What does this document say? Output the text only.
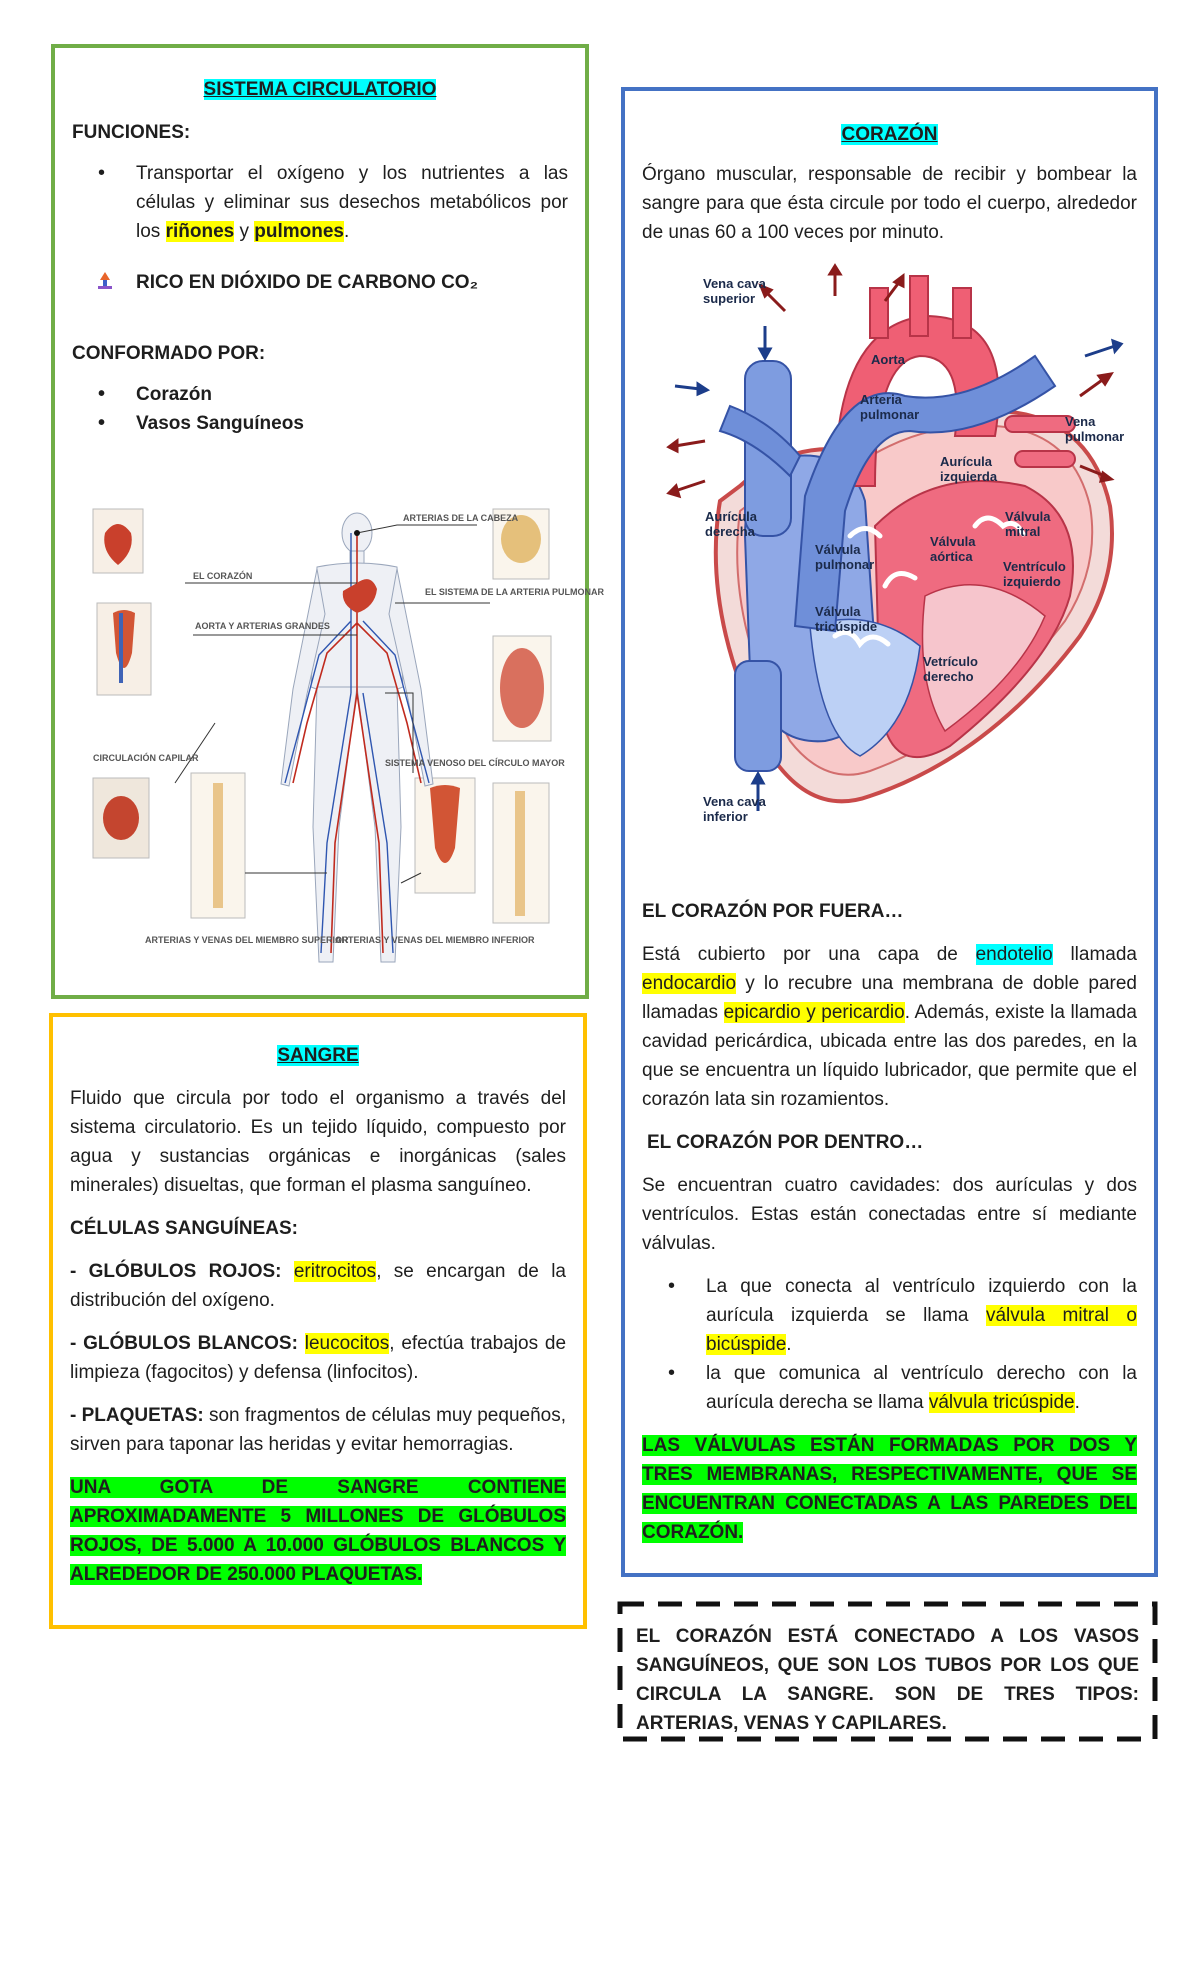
SISTEMA CIRCULATORIO

FUNCIONES:

• Transportar el oxígeno y los nutrientes a las células y eliminar sus desechos metabólicos por los riñones y pulmones.
RICO EN DIÓXIDO DE CARBONO CO₂

CONFORMADO POR:

• Corazón
• Vasos Sanguíneos
ARTERIAS DE LA CABEZA
EL CORAZÓN
AORTA Y ARTERIAS GRANDES
EL SISTEMA DE LA ARTERIA PULMONAR
CIRCULACIÓN CAPILAR	SISTEMA VENOSO DEL CÍRCULO MAYOR
ARTERIAS Y VENAS DEL MIEMBRO SUPERIOR
ARTERIAS Y VENAS DEL MIEMBRO INFERIOR

SANGRE

Fluido que circula por todo el organismo a través del sistema circulatorio. Es un tejido líquido, compuesto por agua y sustancias orgánicas e inorgánicas (sales minerales) disueltas, que forman el plasma sanguíneo.

CÉLULAS SANGUÍNEAS:

- GLÓBULOS ROJOS: eritrocitos, se encargan de la distribución del oxígeno.

- GLÓBULOS BLANCOS: leucocitos, efectúa trabajos de limpieza (fagocitos) y defensa (linfocitos).

- PLAQUETAS: son fragmentos de células muy pequeños, sirven para taponar las heridas y evitar hemorragias.

UNA GOTA DE SANGRE CONTIENE APROXIMADAMENTE 5 MILLONES DE GLÓBULOS ROJOS, DE 5.000 A 10.000 GLÓBULOS BLANCOS Y ALREDEDOR DE 250.000 PLAQUETAS.

CORAZÓN

Órgano muscular, responsable de recibir y bombear la sangre para que ésta circule por todo el cuerpo, alrededor de unas 60 a 100 veces por minuto.

Vena cava superior
Aorta
Arteria pulmonar	Vena pulmonar
Aurícula izquierda
Aurícula derecha
Válvula mitral
Válvula pulmonar
Válvula aórtica
Ventrículo izquierdo
Válvula tricúspide
Vetrículo derecho
Vena cava inferior

EL CORAZÓN POR FUERA…

Está cubierto por una capa de endotelio llamada endocardio y lo recubre una membrana de doble pared llamadas epicardio y pericardio. Además, existe la llamada cavidad pericárdica, ubicada entre las dos paredes, en la que se encuentra un líquido lubricador, que permite que el corazón lata sin rozamientos.

EL CORAZÓN POR DENTRO…

Se encuentran cuatro cavidades: dos aurículas y dos ventrículos. Estas están conectadas entre sí mediante válvulas.

• La que conecta al ventrículo izquierdo con la aurícula izquierda se llama válvula mitral o bicúspide.
• la que comunica al ventrículo derecho con la aurícula derecha se llama válvula tricúspide.

LAS VÁLVULAS ESTÁN FORMADAS POR DOS Y TRES MEMBRANAS, RESPECTIVAMENTE, QUE SE ENCUENTRAN CONECTADAS A LAS PAREDES DEL CORAZÓN.

EL CORAZÓN ESTÁ CONECTADO A LOS VASOS SANGUÍNEOS, QUE SON LOS TUBOS POR LOS QUE CIRCULA LA SANGRE. SON DE TRES TIPOS: ARTERIAS, VENAS Y CAPILARES.
